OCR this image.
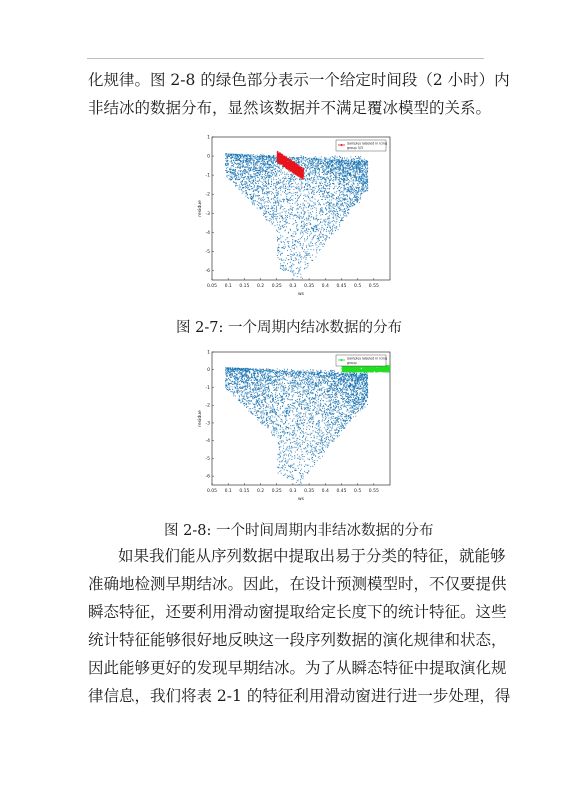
化规律。图 2-8 的绿色部分表示一个给定时间段（2 小时）内
非结冰的数据分布，显然该数据并不满足覆冰模型的关系。
0.05 0.1 0.15 0.2 0.25 0.3 0.35 0.4 0.45 0.5 0.55
1
0
-1
-2
-3
-4
-5
-6
ws
residue
Samples labeled in icing
group 3/3
图 2-7: 一个周期内结冰数据的分布
0.05 0.1 0.15 0.2 0.25 0.3 0.35 0.4 0.45 0.5 0.55
1
0
-1
-2
-3
-4
-5
-6
ws
residue
Samples labeled in icing
group
图 2-8: 一个时间周期内非结冰数据的分布
如果我们能从序列数据中提取出易于分类的特征，就能够
准确地检测早期结冰。因此，在设计预测模型时，不仅要提供
瞬态特征，还要利用滑动窗提取给定长度下的统计特征。这些
统计特征能够很好地反映这一段序列数据的演化规律和状态，
因此能够更好的发现早期结冰。为了从瞬态特征中提取演化规
律信息，我们将表 2-1 的特征利用滑动窗进行进一步处理，得
